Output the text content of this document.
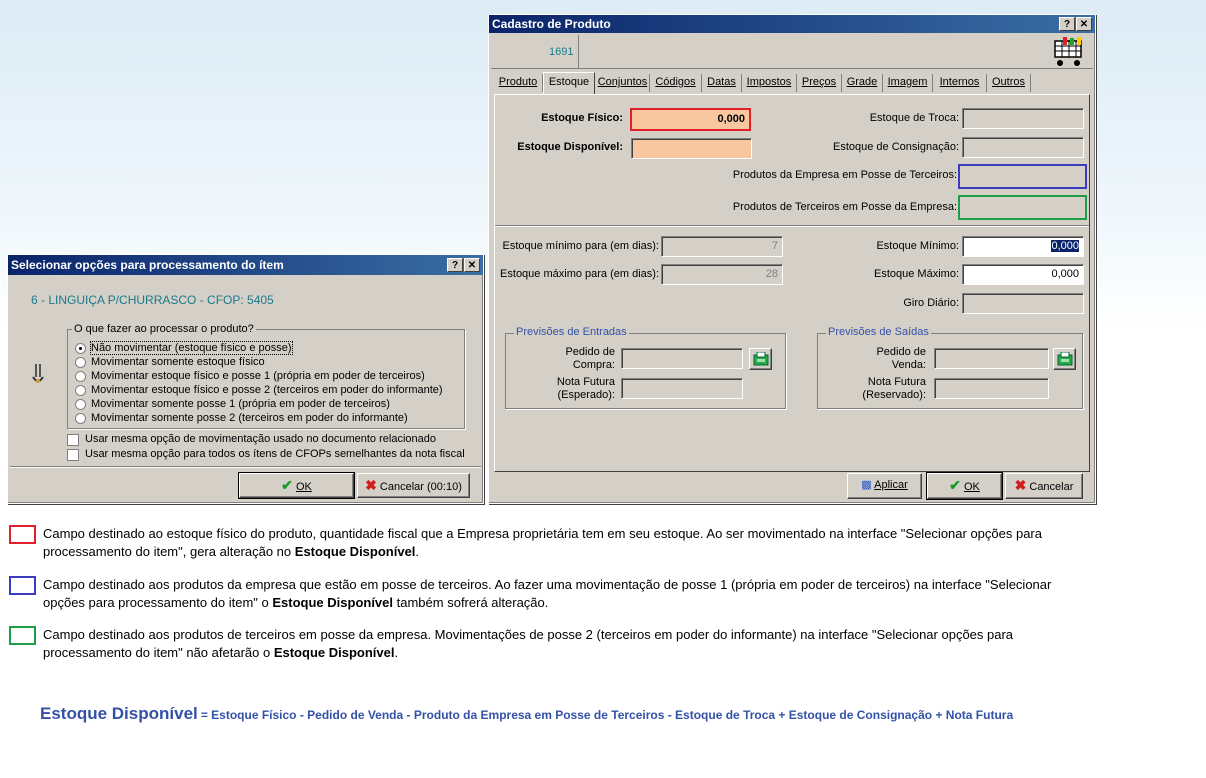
Cadastro de Produto	? ✕
1691
Produto	Estoque Conjuntos Códigos	Datas Impostos Preços Grade Imagem	Internos	Outros
Estoque Físico:	0,000
Estoque Disponível:
Estoque de Troca:
Estoque de Consignação:
Produtos da Empresa em Posse de Terceiros:
Produtos de Terceiros em Posse da Empresa:
Estoque mínimo para (em dias):	7
Estoque máximo para (em dias):	28
Estoque Mínimo:	0,000
Estoque Máximo:	0,000
Giro Diário:
Previsões de Entradas
Pedido de
Compra:
Nota Futura
(Esperado):
Previsões de Saídas
Pedido de
Venda:
Nota Futura
(Reservado):
▩ Aplicar	✔ OK	✖ Cancelar
Selecionar opções para processamento do ítem	? ✕
6 - LINGUIÇA P/CHURRASCO - CFOP: 5405
O que fazer ao processar o produto?
Não movimentar (estoque físico e posse)
Movimentar somente estoque físico
Movimentar estoque físico e posse 1 (própria em poder de terceiros)
Movimentar estoque físico e posse 2 (terceiros em poder do informante)
Movimentar somente posse 1 (própria em poder de terceiros)
Movimentar somente posse 2 (terceiros em poder do informante)
Usar mesma opção de movimentação usado no documento relacionado
Usar mesma opção para todos os ítens de CFOPs semelhantes da nota fiscal
✔ OK	✖ Cancelar (00:10)
Campo destinado ao estoque físico do produto, quantidade fiscal que a Empresa proprietária tem em seu estoque. Ao ser movimentado na interface "Selecionar opções para processamento do item", gera alteração no Estoque Disponível.
Campo destinado aos produtos da empresa que estão em posse de terceiros. Ao fazer uma movimentação de posse 1 (própria em poder de terceiros) na interface "Selecionar opções para processamento do item" o Estoque Disponível também sofrerá alteração.
Campo destinado aos produtos de terceiros em posse da empresa. Movimentações de posse 2 (terceiros em poder do informante) na interface "Selecionar opções para processamento do item" não afetarão o Estoque Disponível.
Estoque Disponível = Estoque Físico - Pedido de Venda - Produto da Empresa em Posse de Terceiros - Estoque de Troca + Estoque de Consignação + Nota Futura
